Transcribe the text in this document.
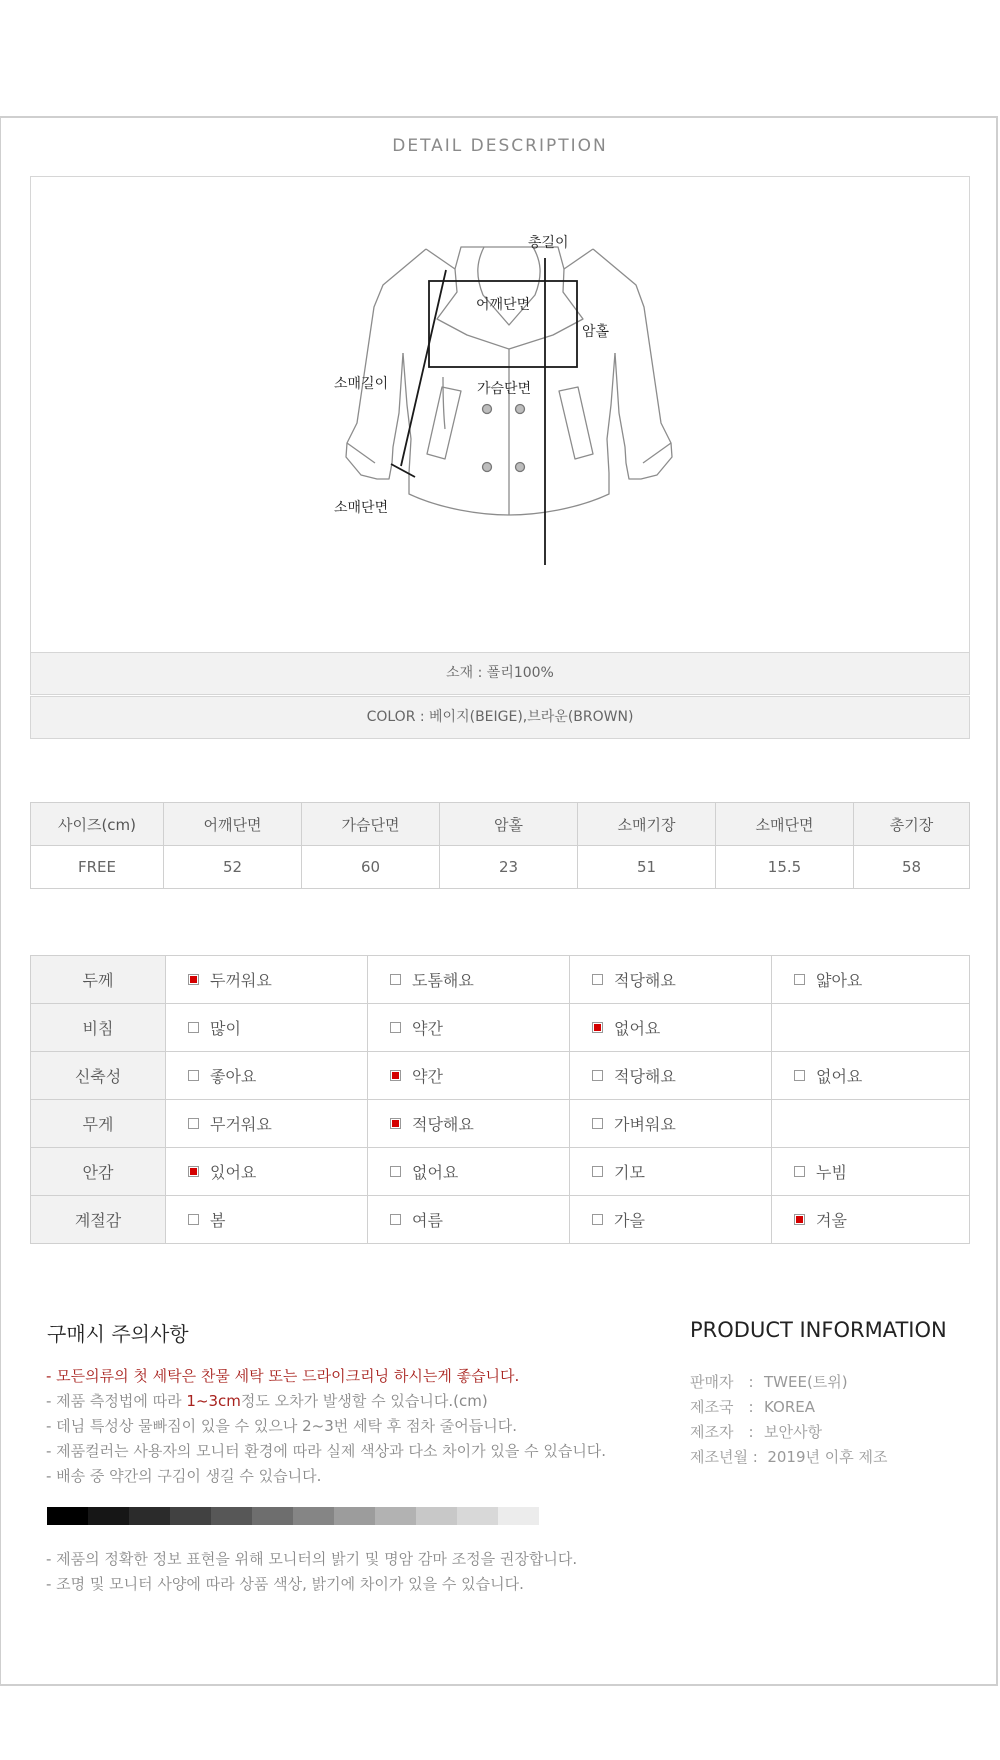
DETAIL DESCRIPTION
총길이
어깨단면
암홀
소매길이	가슴단면
소매단면
소재 : 폴리100%
COLOR : 베이지(BEIGE),브라운(BROWN)
사이즈(cm)	어깨단면	가슴단면	암홀	소매기장	소매단면	총기장
FREE	52	60	23	51	15.5	58
두께	두꺼워요	도톰해요	적당해요	얇아요
비침	많이	약간	없어요	
신축성	좋아요	약간	적당해요	없어요
무게	무거워요	적당해요	가벼워요	
안감	있어요	없어요	기모	누빔
계절감	봄	여름	가을	겨울
구매시 주의사항
- 모든의류의 첫 세탁은 찬물 세탁 또는 드라이크리닝 하시는게 좋습니다.
- 제품 측정법에 따라 1~3cm정도 오차가 발생할 수 있습니다.(cm)
- 데님 특성상 물빠짐이 있을 수 있으나 2~3번 세탁 후 점차 줄어듭니다.
- 제품컬러는 사용자의 모니터 환경에 따라 실제 색상과 다소 차이가 있을 수 있습니다.
- 배송 중 약간의 구김이 생길 수 있습니다.
- 제품의 정확한 정보 표현을 위해 모니터의 밝기 및 명암 감마 조정을 권장합니다.
- 조명 및 모니터 사양에 따라 상품 색상, 밝기에 차이가 있을 수 있습니다.
PRODUCT INFORMATION
판매자 : TWEE(트위)
제조국 : KOREA
제조자 : 보안사항
제조년월 : 2019년 이후 제조
